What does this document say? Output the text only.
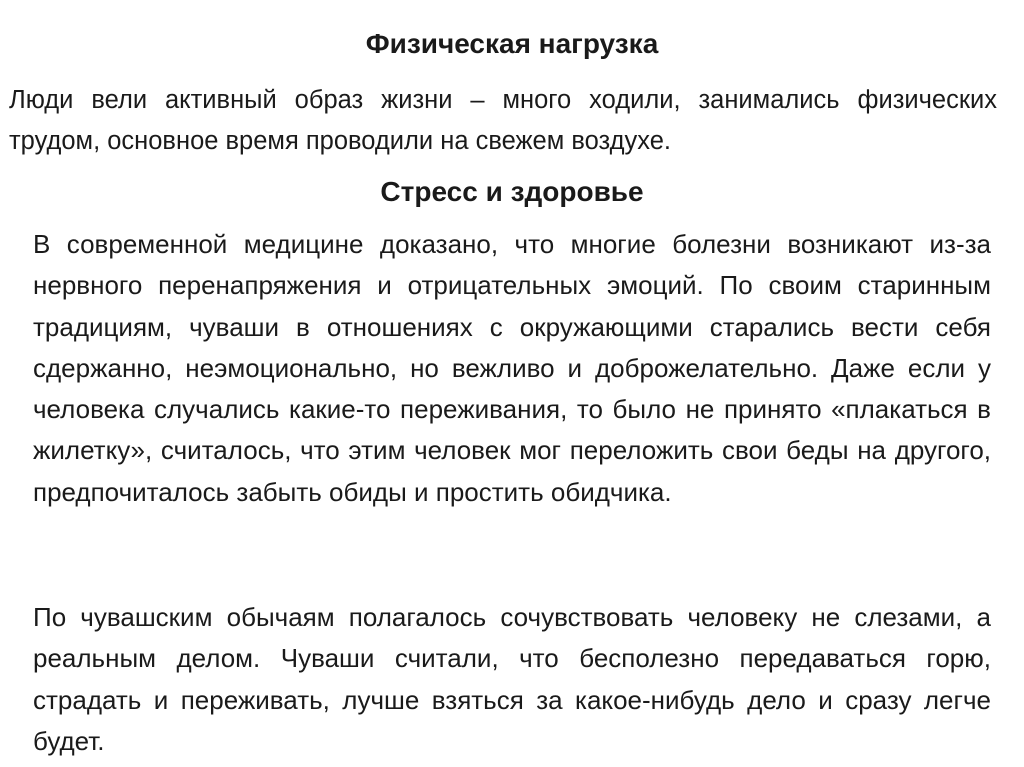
Физическая нагрузка

Люди вели активный образ жизни – много ходили, занимались физических трудом, основное время проводили на свежем воздухе.

Стресс и здоровье

В современной медицине доказано, что многие болезни возникают из-за нервного перенапряжения и отрицательных эмоций. По своим старинным традициям, чуваши в отношениях с окружающими старались вести себя сдержанно, неэмоционально, но вежливо и доброжелательно. Даже если у человека случались какие-то переживания, то было не принято «плакаться в жилетку», считалось, что этим человек мог переложить свои беды на другого, предпочиталось забыть обиды и простить обидчика.

По чувашским обычаям полагалось сочувствовать человеку не слезами, а реальным делом. Чуваши считали, что бесполезно передаваться горю, страдать и переживать, лучше взяться за какое-нибудь дело и сразу легче будет.
